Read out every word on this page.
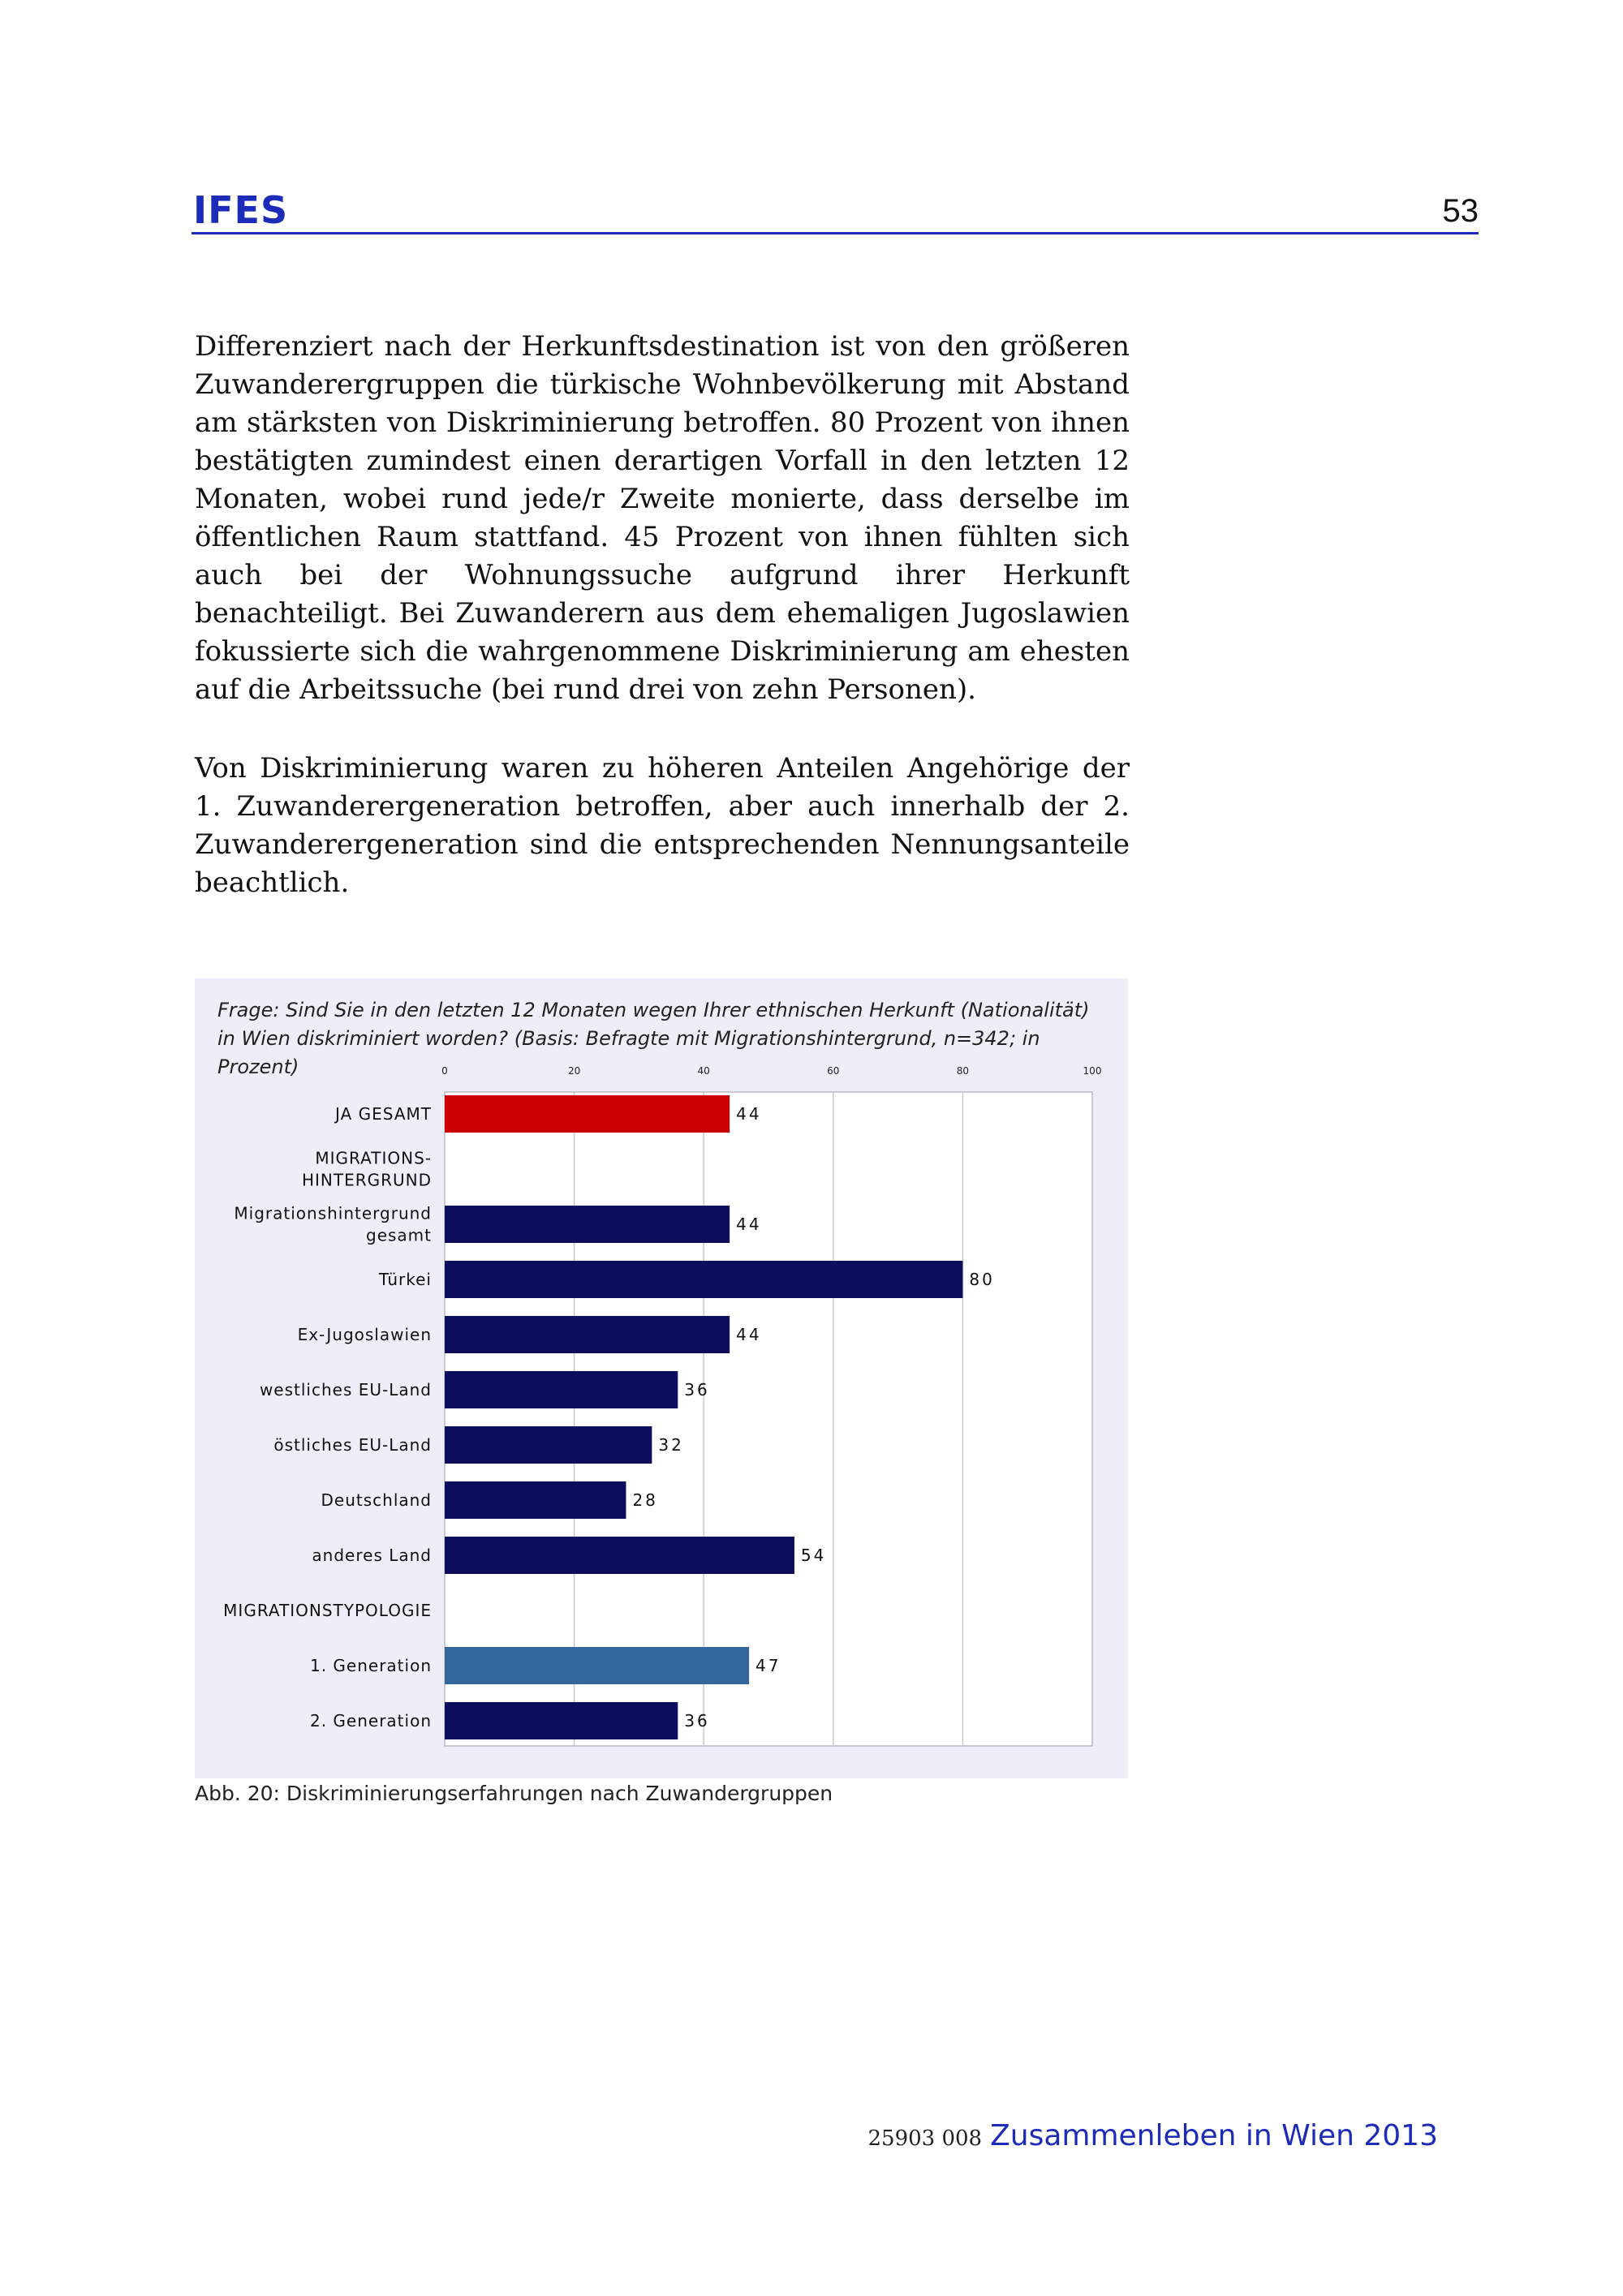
IFES	53

Differenziert nach der Herkunftsdestination ist von den größeren Zuwanderergruppen die türkische Wohnbevölkerung mit Abstand am stärksten von Diskriminierung betroffen. 80 Prozent von ihnen bestätigten zumindest einen derartigen Vorfall in den letzten 12 Monaten, wobei rund jede/r Zweite monierte, dass derselbe im öffentlichen Raum stattfand. 45 Prozent von ihnen fühlten sich auch bei der Wohnungssuche aufgrund ihrer Herkunft benachteiligt. Bei Zuwanderern aus dem ehemaligen Jugoslawien fokussierte sich die wahrgenommene Diskriminierung am ehesten auf die Arbeitssuche (bei rund drei von zehn Personen).

Von Diskriminierung waren zu höheren Anteilen Angehörige der 1. Zuwanderergeneration betroffen, aber auch innerhalb der 2. Zuwanderergeneration sind die entsprechenden Nennungsanteile beachtlich.

Frage: Sind Sie in den letzten 12 Monaten wegen Ihrer ethnischen Herkunft (Nationalität) in Wien diskriminiert worden? (Basis: Befragte mit Migrationshintergrund, n=342; in Prozent)	0	20	40	60	80	100
JA GESAMT	44
MIGRATIONS-
HINTERGRUND
Migrationshintergrund
gesamt
44
Türkei	80
Ex-Jugoslawien	44
westliches EU-Land	36
östliches EU-Land	32
Deutschland	28
anderes Land	54
MIGRATIONSTYPOLOGIE
1. Generation	47
2. Generation	36
Abb. 20: Diskriminierungserfahrungen nach Zuwandergruppen
25903 008 Zusammenleben in Wien 2013
